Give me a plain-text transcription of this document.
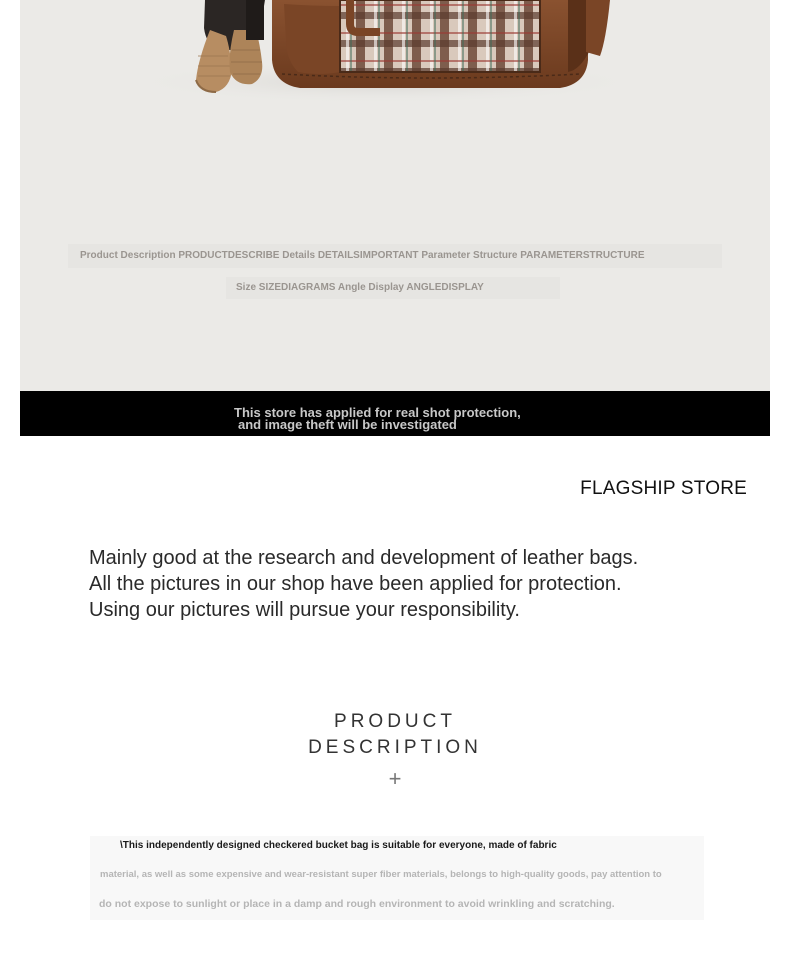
Product Description PRODUCTDESCRIBE Details DETAILSIMPORTANT Parameter Structure PARAMETERSTRUCTURE
Size SIZEDIAGRAMS Angle Display ANGLEDISPLAY
This store has applied for real shot protection,
and image theft will be investigated
FLAGSHIP STORE
Mainly good at the research and development of leather bags.
All the pictures in our shop have been applied for protection.
Using our pictures will pursue your responsibility.
PRODUCT
DESCRIPTION
+
\This independently designed checkered bucket bag is suitable for everyone, made of fabric
material, as well as some expensive and wear-resistant super fiber materials, belongs to high-quality goods, pay attention to
do not expose to sunlight or place in a damp and rough environment to avoid wrinkling and scratching.
